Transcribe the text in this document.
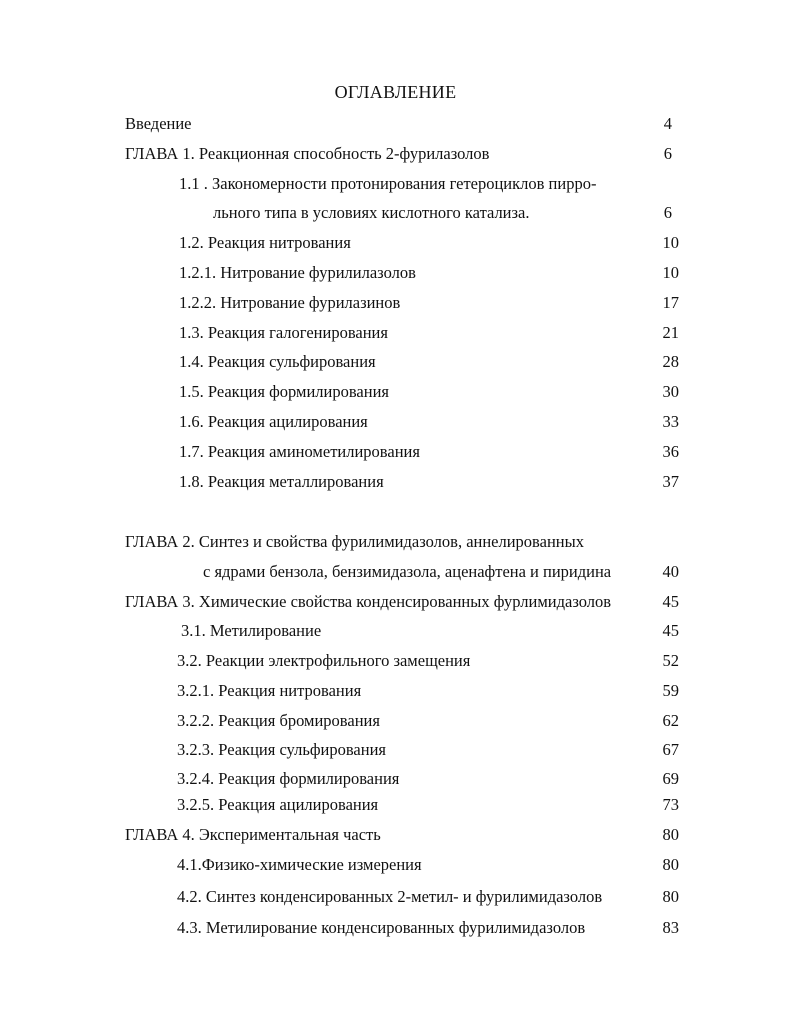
ОГЛАВЛЕНИЕ
Введение	4
ГЛАВА 1. Реакционная способность 2-фурилазолов	6
1.1 . Закономерности протонирования гетероциклов пирро-
льного типа в условиях кислотного катализа.	6
1.2. Реакция нитрования	10
1.2.1. Нитрование фурилилазолов	10
1.2.2. Нитрование фурилазинов	17
1.3. Реакция галогенирования	21
1.4. Реакция сульфирования	28
1.5. Реакция формилирования	30
1.6. Реакция ацилирования	33
1.7. Реакция аминометилирования	36
1.8. Реакция металлирования	37
ГЛАВА 2. Синтез и свойства фурилимидазолов, аннелированных
с ядрами бензола, бензимидазола, аценафтена и пиридина	40
ГЛАВА 3. Химические свойства конденсированных фурлимидазолов	45
3.1. Метилирование	45
3.2. Реакции электрофильного замещения	52
3.2.1. Реакция нитрования	59
3.2.2. Реакция бромирования	62
3.2.3. Реакция сульфирования	67
3.2.4. Реакция формилирования	69
3.2.5. Реакция ацилирования	73
ГЛАВА 4. Экспериментальная часть	80
4.1.Физико-химические измерения	80
4.2. Синтез конденсированных 2-метил- и фурилимидазолов	80
4.3. Метилирование конденсированных фурилимидазолов	83
